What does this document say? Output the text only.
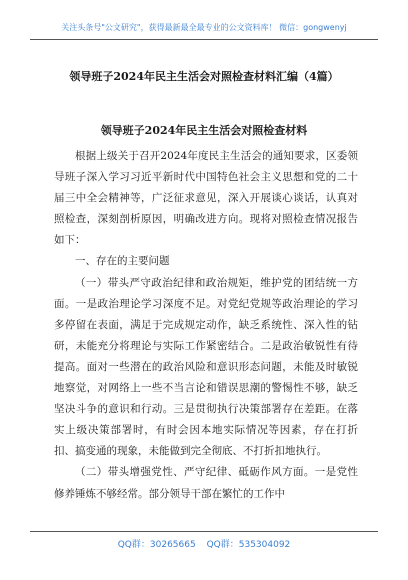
关注头条号"公文研究"，获得最新最全最专业的公文资料库！ 微信：gongwenyj
领导班子2024年民主生活会对照检查材料汇编（4篇）
领导班子2024年民主生活会对照检查材料

根据上级关于召开2024年度民主生活会的通知要求，区委领导班子深入学习习近平新时代中国特色社会主义思想和党的二十届三中全会精神等，广泛征求意见，深入开展谈心谈话，认真对照检查，深刻剖析原因，明确改进方向。现将对照检查情况报告如下：

一、存在的主要问题

（一）带头严守政治纪律和政治规矩，维护党的团结统一方面。一是政治理论学习深度不足。对党纪党规等政治理论的学习多停留在表面，满足于完成规定动作，缺乏系统性、深入性的钻研，未能充分将理论与实际工作紧密结合。二是政治敏锐性有待提高。面对一些潜在的政治风险和意识形态问题，未能及时敏锐地察觉，对网络上一些不当言论和错误思潮的警惕性不够，缺乏坚决斗争的意识和行动。三是贯彻执行决策部署存在差距。在落实上级决策部署时，有时会因本地实际情况等因素，存在打折扣、搞变通的现象，未能做到完全彻底、不打折扣地执行。

（二）带头增强党性、严守纪律、砥砺作风方面。一是党性修养锤炼不够经常。部分领导干部在繁忙的工作中

QQ群：30265665 QQ群：535304092
